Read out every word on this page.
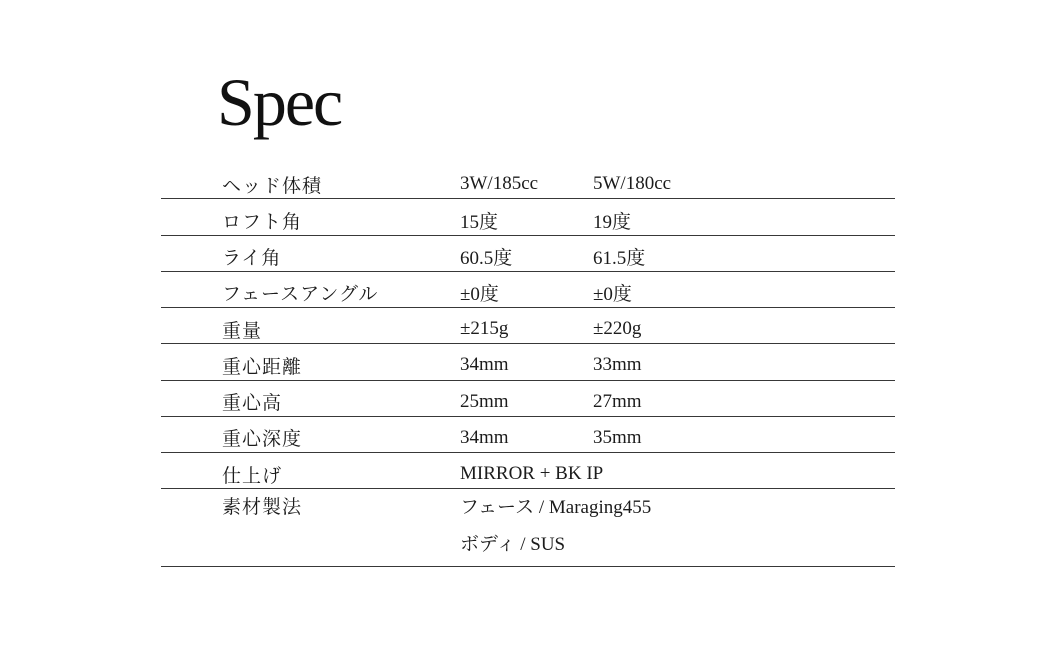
Spec
ヘッド体積	3W/185cc	5W/180cc
ロフト角	15度	19度
ライ角	60.5度	61.5度
フェースアングル	±0度	±0度
重量	±215g	±220g
重心距離	34mm	33mm
重心高	25mm	27mm
重心深度	34mm	35mm
仕上げ	MIRROR + BK IP
素材製法	フェース / Maraging455
ボディ / SUS
